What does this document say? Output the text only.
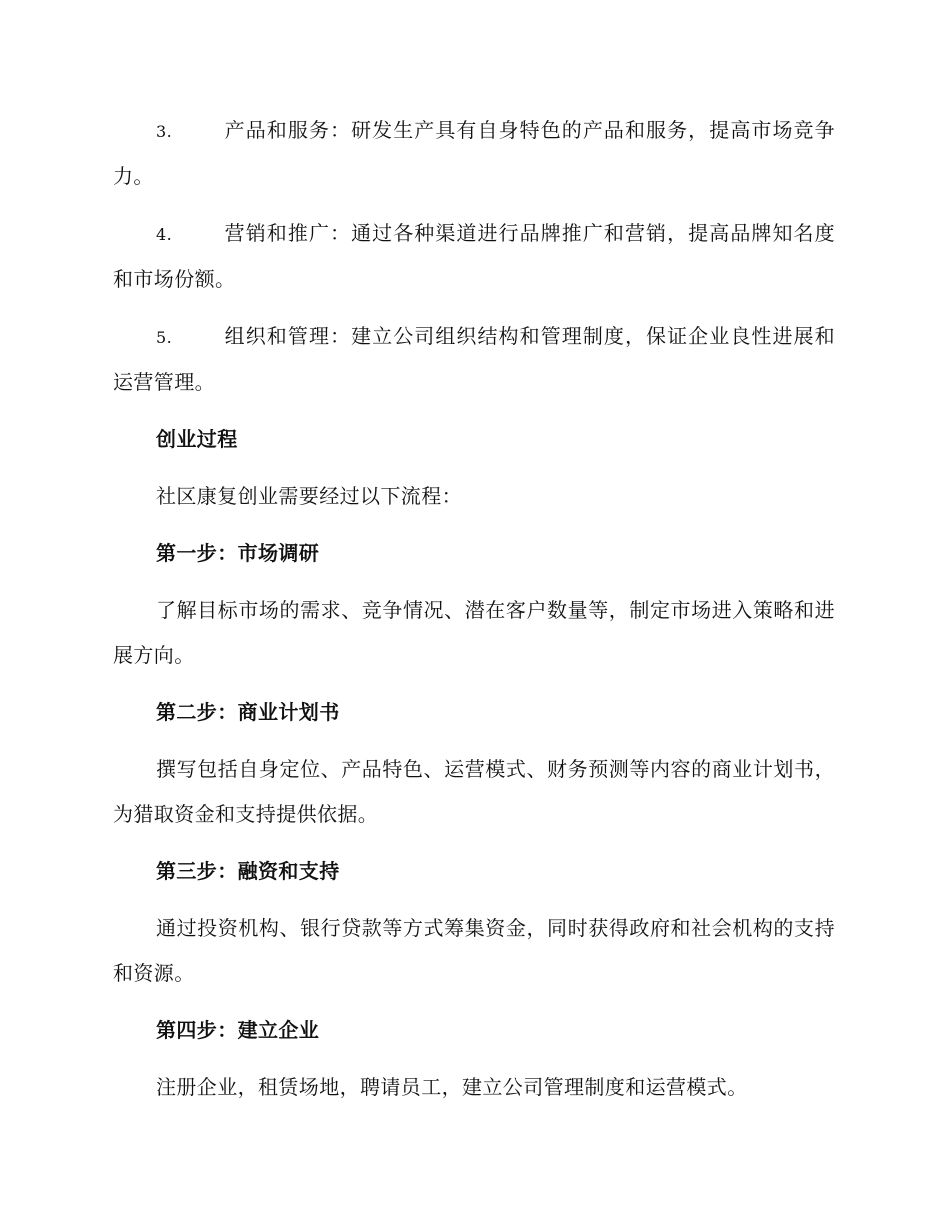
3.	产品和服务：研发生产具有自身特色的产品和服务，提高市场竞争力。

4.	营销和推广：通过各种渠道进行品牌推广和营销，提高品牌知名度和市场份额。

5.	组织和管理：建立公司组织结构和管理制度，保证企业良性进展和运营管理。

创业过程

社区康复创业需要经过以下流程：

第一步：市场调研

了解目标市场的需求、竞争情况、潜在客户数量等，制定市场进入策略和进展方向。

第二步：商业计划书

撰写包括自身定位、产品特色、运营模式、财务预测等内容的商业计划书，为猎取资金和支持提供依据。

第三步：融资和支持

通过投资机构、银行贷款等方式筹集资金，同时获得政府和社会机构的支持和资源。

第四步：建立企业

注册企业，租赁场地，聘请员工，建立公司管理制度和运营模式。
